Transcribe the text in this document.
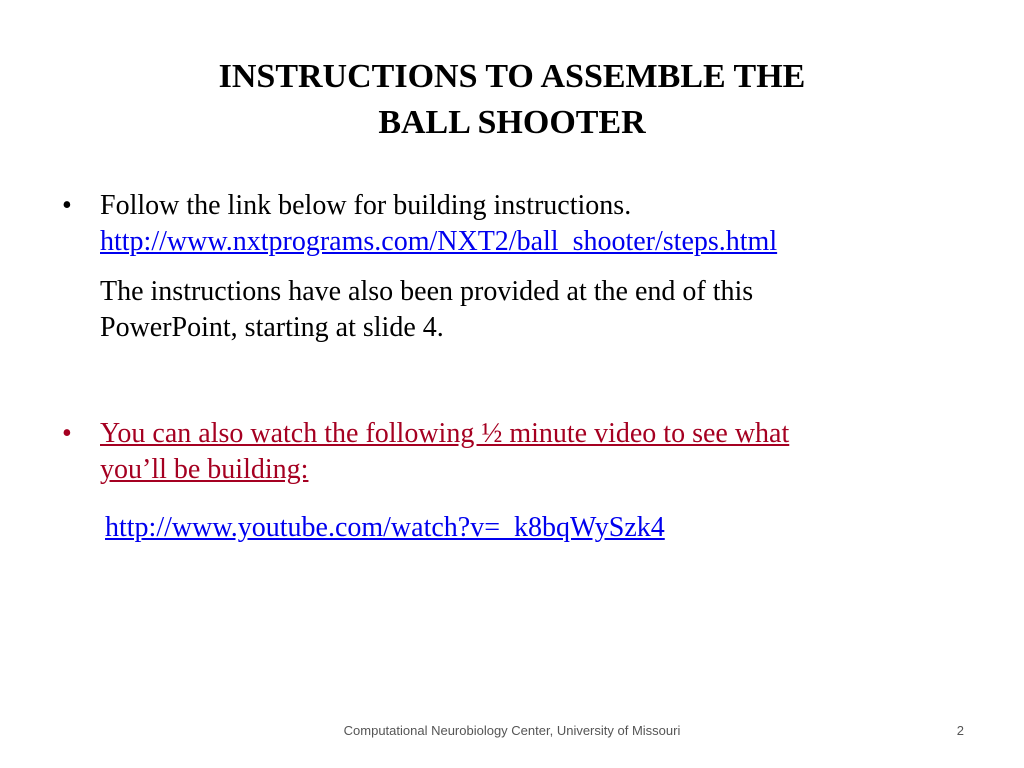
INSTRUCTIONS TO ASSEMBLE THE
BALL SHOOTER
•	Follow the link below for building instructions.
http://www.nxtprograms.com/NXT2/ball_shooter/steps.html
The instructions have also been provided at the end of this
PowerPoint, starting at slide 4.
•	You can also watch the following ½ minute video to see what
you’ll be building:
http://www.youtube.com/watch?v=_k8bqWySzk4
Computational Neurobiology Center, University of Missouri	2
